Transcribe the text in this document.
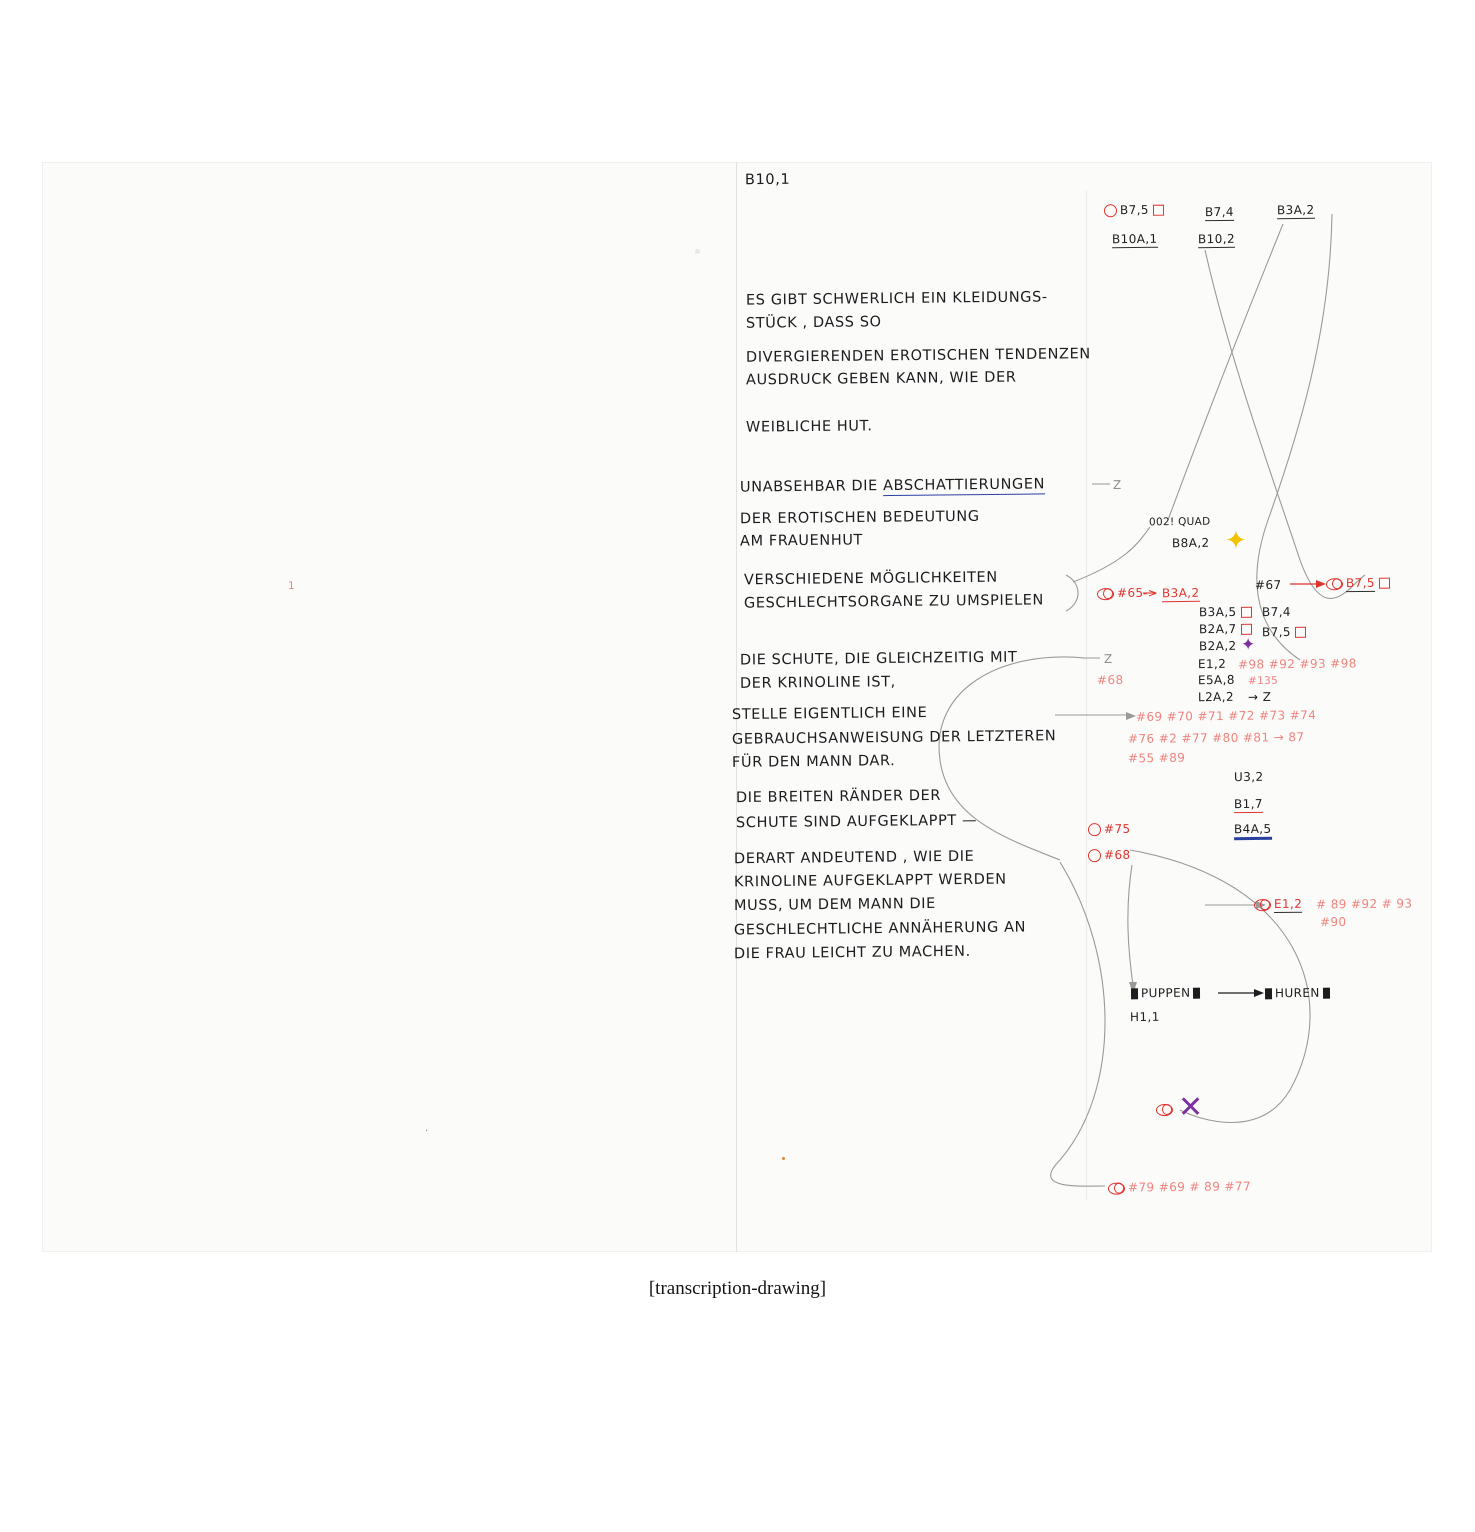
1
.
B10,1
ES GIBT SCHWERLICH EIN KLEIDUNGS-
STÜCK , DASS SO
DIVERGIERENDEN EROTISCHEN TENDENZEN
AUSDRUCK GEBEN KANN, WIE DER
WEIBLICHE HUT.
UNABSEHBAR DIE ABSCHATTIERUNGEN
DER EROTISCHEN BEDEUTUNG
AM FRAUENHUT
VERSCHIEDENE MÖGLICHKEITEN
GESCHLECHTSORGANE ZU UMSPIELEN
DIE SCHUTE, DIE GLEICHZEITIG MIT
DER KRINOLINE IST,
STELLE EIGENTLICH EINE
GEBRAUCHSANWEISUNG DER LETZTEREN
FÜR DEN MANN DAR.
DIE BREITEN RÄNDER DER
SCHUTE SIND AUFGEKLAPPT —
DERART ANDEUTEND , WIE DIE
KRINOLINE AUFGEKLAPPT WERDEN
MUSS, UM DEM MANN DIE
GESCHLECHTLICHE ANNÄHERUNG AN
DIE FRAU LEICHT ZU MACHEN.
B7,5	B7,4	B3A,2
B10A,1	B10,2
Z
Z
002! QUAD
B8A,2 ✦
#65 -> B3A,2
#67	B7,5
B3A,5
B2A,7
B2A,2 ✦
B7,4
B7,5
E1,2 #98 #92 #93 #98
E5A,8 #135
L2A,2 → Z
#68
#69 #70 #71 #72 #73 #74
#76 #2 #77 #80 #81 → 87
#55 #89
U3,2
B1,7
B4A,5
#75
#68
E1,2 # 89 #92 # 93
#90
PUPPEN	HUREN
H1,1
✕
#79 #69 # 89 #77
[transcription-drawing]
